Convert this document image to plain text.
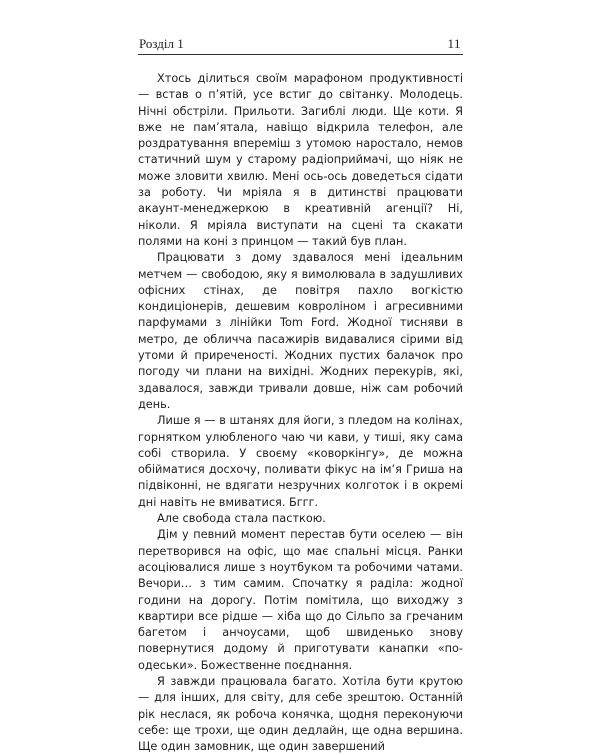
Розділ 1	11

Хтось ділиться своїм марафоном продуктивності — встав о п’ятій, усе встиг до світанку. Молодець. Нічні обстріли. Прильоти. Загиблі люди. Ще коти. Я вже не пам’ятала, навіщо відкрила телефон, але роздратування впереміш з утомою наростало, немов статичний шум у старому радіоприймачі, що ніяк не може зловити хвилю. Мені ось-ось доведеться сідати за роботу. Чи мріяла я в дитинстві працювати акаунт-менеджеркою в креативній агенції? Ні, ніколи. Я мріяла виступати на сцені та скакати полями на коні з принцом — такий був план.

Працювати з дому здавалося мені ідеальним метчем — свободою, яку я вимолювала в задушливих офісних стінах, де повітря пахло вогкістю кондиціонерів, дешевим ковроліном і агресивними парфумами з лінійки Tom Ford. Жодної тисняви в метро, де обличча пасажирів видавалися сірими від утоми й приреченості. Жодних пустих балачок про погоду чи плани на вихідні. Жодних перекурів, які, здавалося, завжди тривали довше, ніж сам робочий день.

Лише я — в штанях для йоги, з пледом на колінах, горнятком улюбленого чаю чи кави, у тиші, яку сама собі створила. У своєму «коворкінгу», де можна обійматися досхочу, поливати фікус на ім’я Гриша на підвіконні, не вдягати незручних колготок і в окремі дні навіть не вмиватися. Бггг.

Але свобода стала пасткою.

Дім у певний момент перестав бути оселею — він перетворився на офіс, що має спальні місця. Ранки асоціювалися лише з ноутбуком та робочими чатами. Вечори… з тим самим. Спочатку я раділа: жодної години на дорогу. Потім помітила, що виходжу з квартири все рідше — хіба що до Сільпо за гречаним багетом і анчоусами, щоб швиденько знову повернутися додому й приготувати канапки «по-одеськи». Божественне поєднання.

Я завжди працювала багато. Хотіла бути крутою — для інших, для світу, для себе зрештою. Останній рік неслася, як робоча конячка, щодня переконуючи себе: ще трохи, ще один дедлайн, ще одна вершина. Ще один замовник, ще один завершений
